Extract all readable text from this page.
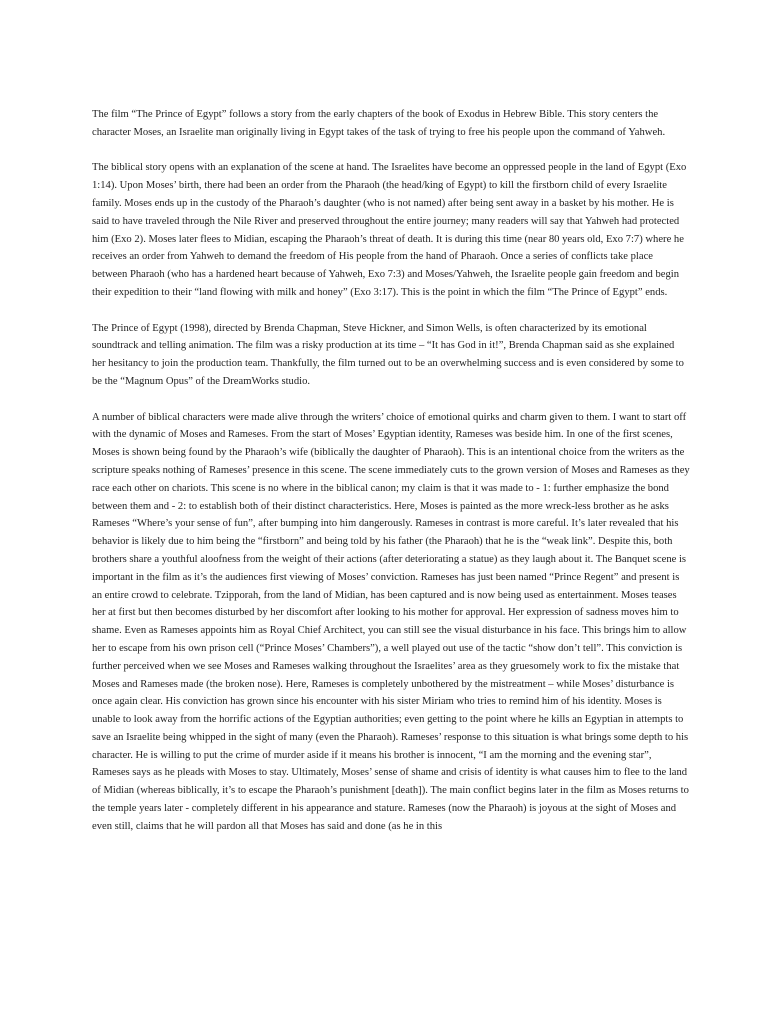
The film “The Prince of Egypt” follows a story from the early chapters of the book of Exodus in Hebrew Bible. This story centers the character Moses, an Israelite man originally living in Egypt takes of the task of trying to free his people upon the command of Yahweh.

The biblical story opens with an explanation of the scene at hand. The Israelites have become an oppressed people in the land of Egypt (Exo 1:14). Upon Moses’ birth, there had been an order from the Pharaoh (the head/king of Egypt) to kill the firstborn child of every Israelite family. Moses ends up in the custody of the Pharaoh’s daughter (who is not named) after being sent away in a basket by his mother. He is said to have traveled through the Nile River and preserved throughout the entire journey; many readers will say that Yahweh had protected him (Exo 2). Moses later flees to Midian, escaping the Pharaoh’s threat of death. It is during this time (near 80 years old, Exo 7:7) where he receives an order from Yahweh to demand the freedom of His people from the hand of Pharaoh. Once a series of conflicts take place between Pharaoh (who has a hardened heart because of Yahweh, Exo 7:3) and Moses/Yahweh, the Israelite people gain freedom and begin their expedition to their “land flowing with milk and honey” (Exo 3:17). This is the point in which the film “The Prince of Egypt” ends.

The Prince of Egypt (1998), directed by Brenda Chapman, Steve Hickner, and Simon Wells, is often characterized by its emotional soundtrack and telling animation. The film was a risky production at its time – “It has God in it!”, Brenda Chapman said as she explained her hesitancy to join the production team. Thankfully, the film turned out to be an overwhelming success and is even considered by some to be the “Magnum Opus” of the DreamWorks studio.

A number of biblical characters were made alive through the writers’ choice of emotional quirks and charm given to them. I want to start off with the dynamic of Moses and Rameses. From the start of Moses’ Egyptian identity, Rameses was beside him. In one of the first scenes, Moses is shown being found by the Pharaoh’s wife (biblically the daughter of Pharaoh). This is an intentional choice from the writers as the scripture speaks nothing of Rameses’ presence in this scene. The scene immediately cuts to the grown version of Moses and Rameses as they race each other on chariots. This scene is no where in the biblical canon; my claim is that it was made to - 1: further emphasize the bond between them and - 2: to establish both of their distinct characteristics. Here, Moses is painted as the more wreck-less brother as he asks Rameses “Where’s your sense of fun”, after bumping into him dangerously. Rameses in contrast is more careful. It’s later revealed that his behavior is likely due to him being the “firstborn” and being told by his father (the Pharaoh) that he is the “weak link”. Despite this, both brothers share a youthful aloofness from the weight of their actions (after deteriorating a statue) as they laugh about it. The Banquet scene is important in the film as it’s the audiences first viewing of Moses’ conviction. Rameses has just been named “Prince Regent” and present is an entire crowd to celebrate. Tzipporah, from the land of Midian, has been captured and is now being used as entertainment. Moses teases her at first but then becomes disturbed by her discomfort after looking to his mother for approval. Her expression of sadness moves him to shame. Even as Rameses appoints him as Royal Chief Architect, you can still see the visual disturbance in his face. This brings him to allow her to escape from his own prison cell (“Prince Moses’ Chambers”), a well played out use of the tactic “show don’t tell”. This conviction is further perceived when we see Moses and Rameses walking throughout the Israelites’ area as they gruesomely work to fix the mistake that Moses and Rameses made (the broken nose). Here, Rameses is completely unbothered by the mistreatment – while Moses’ disturbance is once again clear. His conviction has grown since his encounter with his sister Miriam who tries to remind him of his identity. Moses is unable to look away from the horrific actions of the Egyptian authorities; even getting to the point where he kills an Egyptian in attempts to save an Israelite being whipped in the sight of many (even the Pharaoh). Rameses’ response to this situation is what brings some depth to his character. He is willing to put the crime of murder aside if it means his brother is innocent, “I am the morning and the evening star”, Rameses says as he pleads with Moses to stay. Ultimately, Moses’ sense of shame and crisis of identity is what causes him to flee to the land of Midian (whereas biblically, it’s to escape the Pharaoh’s punishment [death]). The main conflict begins later in the film as Moses returns to the temple years later - completely different in his appearance and stature. Rameses (now the Pharaoh) is joyous at the sight of Moses and even still, claims that he will pardon all that Moses has said and done (as he in this
